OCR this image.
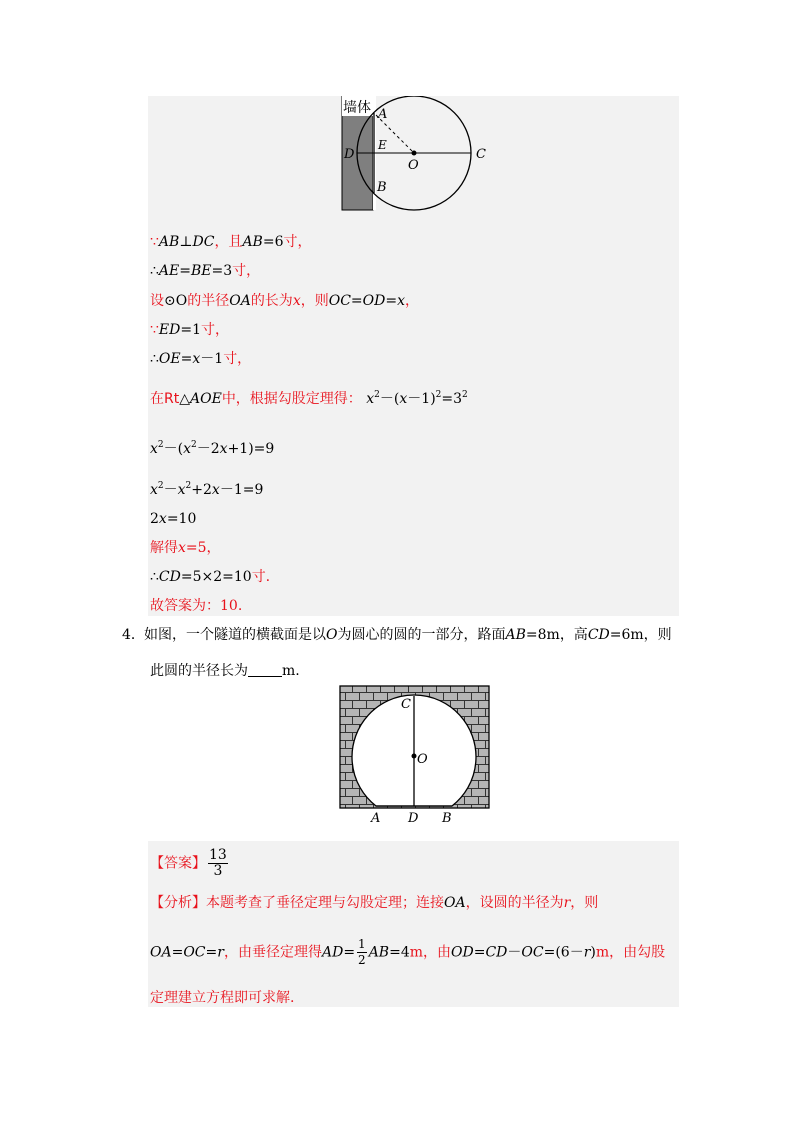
墙体 A
E
D
O
C
B
∵AB⊥DC，且AB=6寸，
∴AE=BE=3寸，
设⊙O的半径OA的长为x，则OC=OD=x，
∵ED=1寸，
∴OE=x－1寸，
在Rt△AOE中，根据勾股定理得： $x^2-(x-1)^2=3^2$
$x^2-(x^2-2x+1)=9$
$x^2-x^2+2x-1=9$
2x=10
解得x=5，
∴CD=5×2=10寸.
故答案为：10.
4． 如图，一个隧道的横截面是以O为圆心的圆的一部分，路面AB=8m，高CD=6m，则
此圆的半径长为 m.
C
O
A D B
【答案】 $\frac{13}{3}$
【分析】本题考查了垂径定理与勾股定理；连接OA，设圆的半径为r，则
OA=OC=r，由垂径定理得$AD= \frac{1}{2} AB=4m$，由OD=CD－OC=(6－r)m，由勾股
定理建立方程即可求解.
